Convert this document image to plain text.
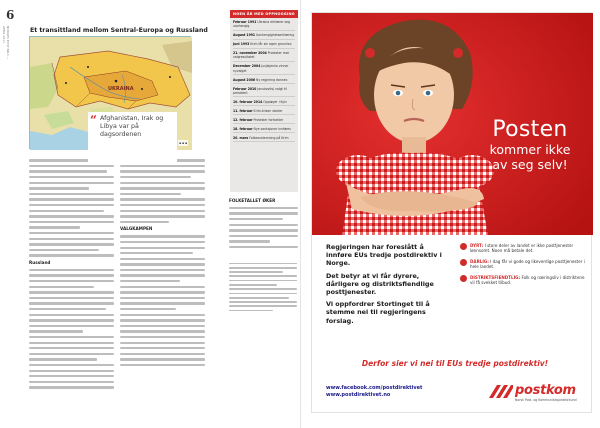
6
NORGES POST NR.4 — APRIL 2011	Et transittland mellom Sentral-Europa og Russland
UKRAINA
▪ ▪ ▪
NOEN ÅR MED OPPHOGGING
Februar 1991 Ukraina erklærer seg uavhengig
August 1991 Uavhengighetserklæring
Juni 1993 Krim får sin egen grunnlov
21. november 2004 Protester mot valgresultatet
December 2004 Jusjtsjenko vinner nyvalget
August 2006 Ny regjering dannes
Februar 2010 Janukovitsj valgt til president
10. februar 2014 Opptøyer i Kyiv
11. februar Krim-krisen starter
12. februar Protester fortsetter
18. februar Nye sanksjoner innføres
20. mars Folkeavstemning på Krim
Russland
VALGKAMPEN
FOLKETALLET ØKER
“ Afghanistan, Irak og Libya var på dagsordenen	Posten
kommer ikke
av seg selv!
Regjeringen har foreslått å innføre EUs tredje postdirektiv i Norge.
Det betyr at vi får dyrere, dårligere og distriktsfiendlige posttjenester.
Vi oppfordrer Stortinget til å stemme nei til regjeringens forslag.
DYRT: I store deler av landet er ikke posttjenester lønnsomt. Noen må betale det.
DÅRLIG: I dag får vi gode og likeverdige posttjenester i hele landet.
DISTRIKTSFIENDTLIG: Folk og næringsliv i distriktene vil få svekket tilbud.
Derfor sier vi nei til EUs tredje postdirektiv!
www.facebook.com/postdirektivet
www.postdirektivet.no	postkom
Norsk Post- og Kommunikasjonsforbund
